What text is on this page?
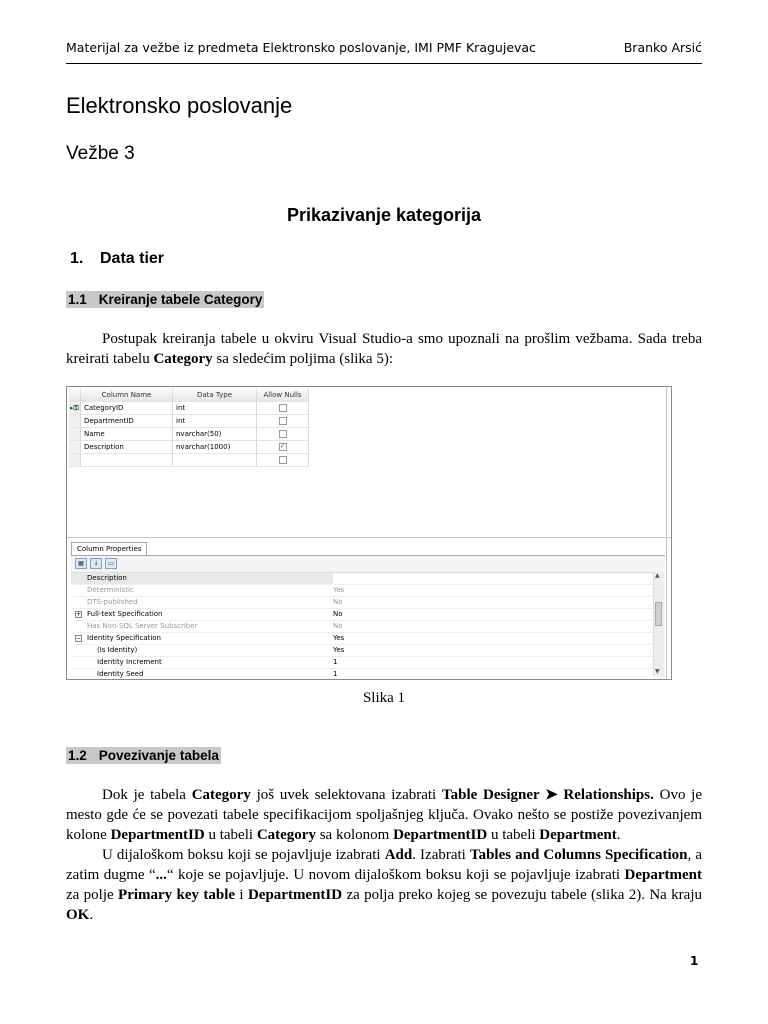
Materijal za vežbe iz predmeta Elektronsko poslovanje, IMI PMF Kragujevac	Branko Arsić
Elektronsko poslovanje
Vežbe 3
Prikazivanje kategorija
1. Data tier
1.1 Kreiranje tabele Category

Postupak kreiranja tabele u okviru Visual Studio-a smo upoznali na prošlim vežbama. Sada treba kreirati tabelu Category sa sledećim poljima (slika 5):

Column Name	Data Type	Allow Nulls
▸⚿ CategoryID	int
DepartmentID	int
Name	nvarchar(50)
Description	nvarchar(1000)	✓
Column Properties
▦	↓	▭
Description
Deterministic	Yes
DTS-published	No
+ Full-text Specification	No
Has Non-SQL Server Subscriber	No
− Identity Specification	Yes
(Is Identity)	Yes
Identity Increment	1
Identity Seed	1
▲
▼
Slika 1
1.2 Povezivanje tabela

Dok je tabela Category još uvek selektovana izabrati Table Designer ➤ Relationships. Ovo je mesto gde će se povezati tabele specifikacijom spoljašnjeg ključa. Ovako nešto se postiže povezivanjem kolone DepartmentID u tabeli Category sa kolonom DepartmentID u tabeli Department.

U dijaloškom boksu koji se pojavljuje izabrati Add. Izabrati Tables and Columns Specification, a zatim dugme “...“ koje se pojavljuje. U novom dijaloškom boksu koji se pojavljuje izabrati Department za polje Primary key table i DepartmentID za polja preko kojeg se povezuju tabele (slika 2). Na kraju OK.

1
